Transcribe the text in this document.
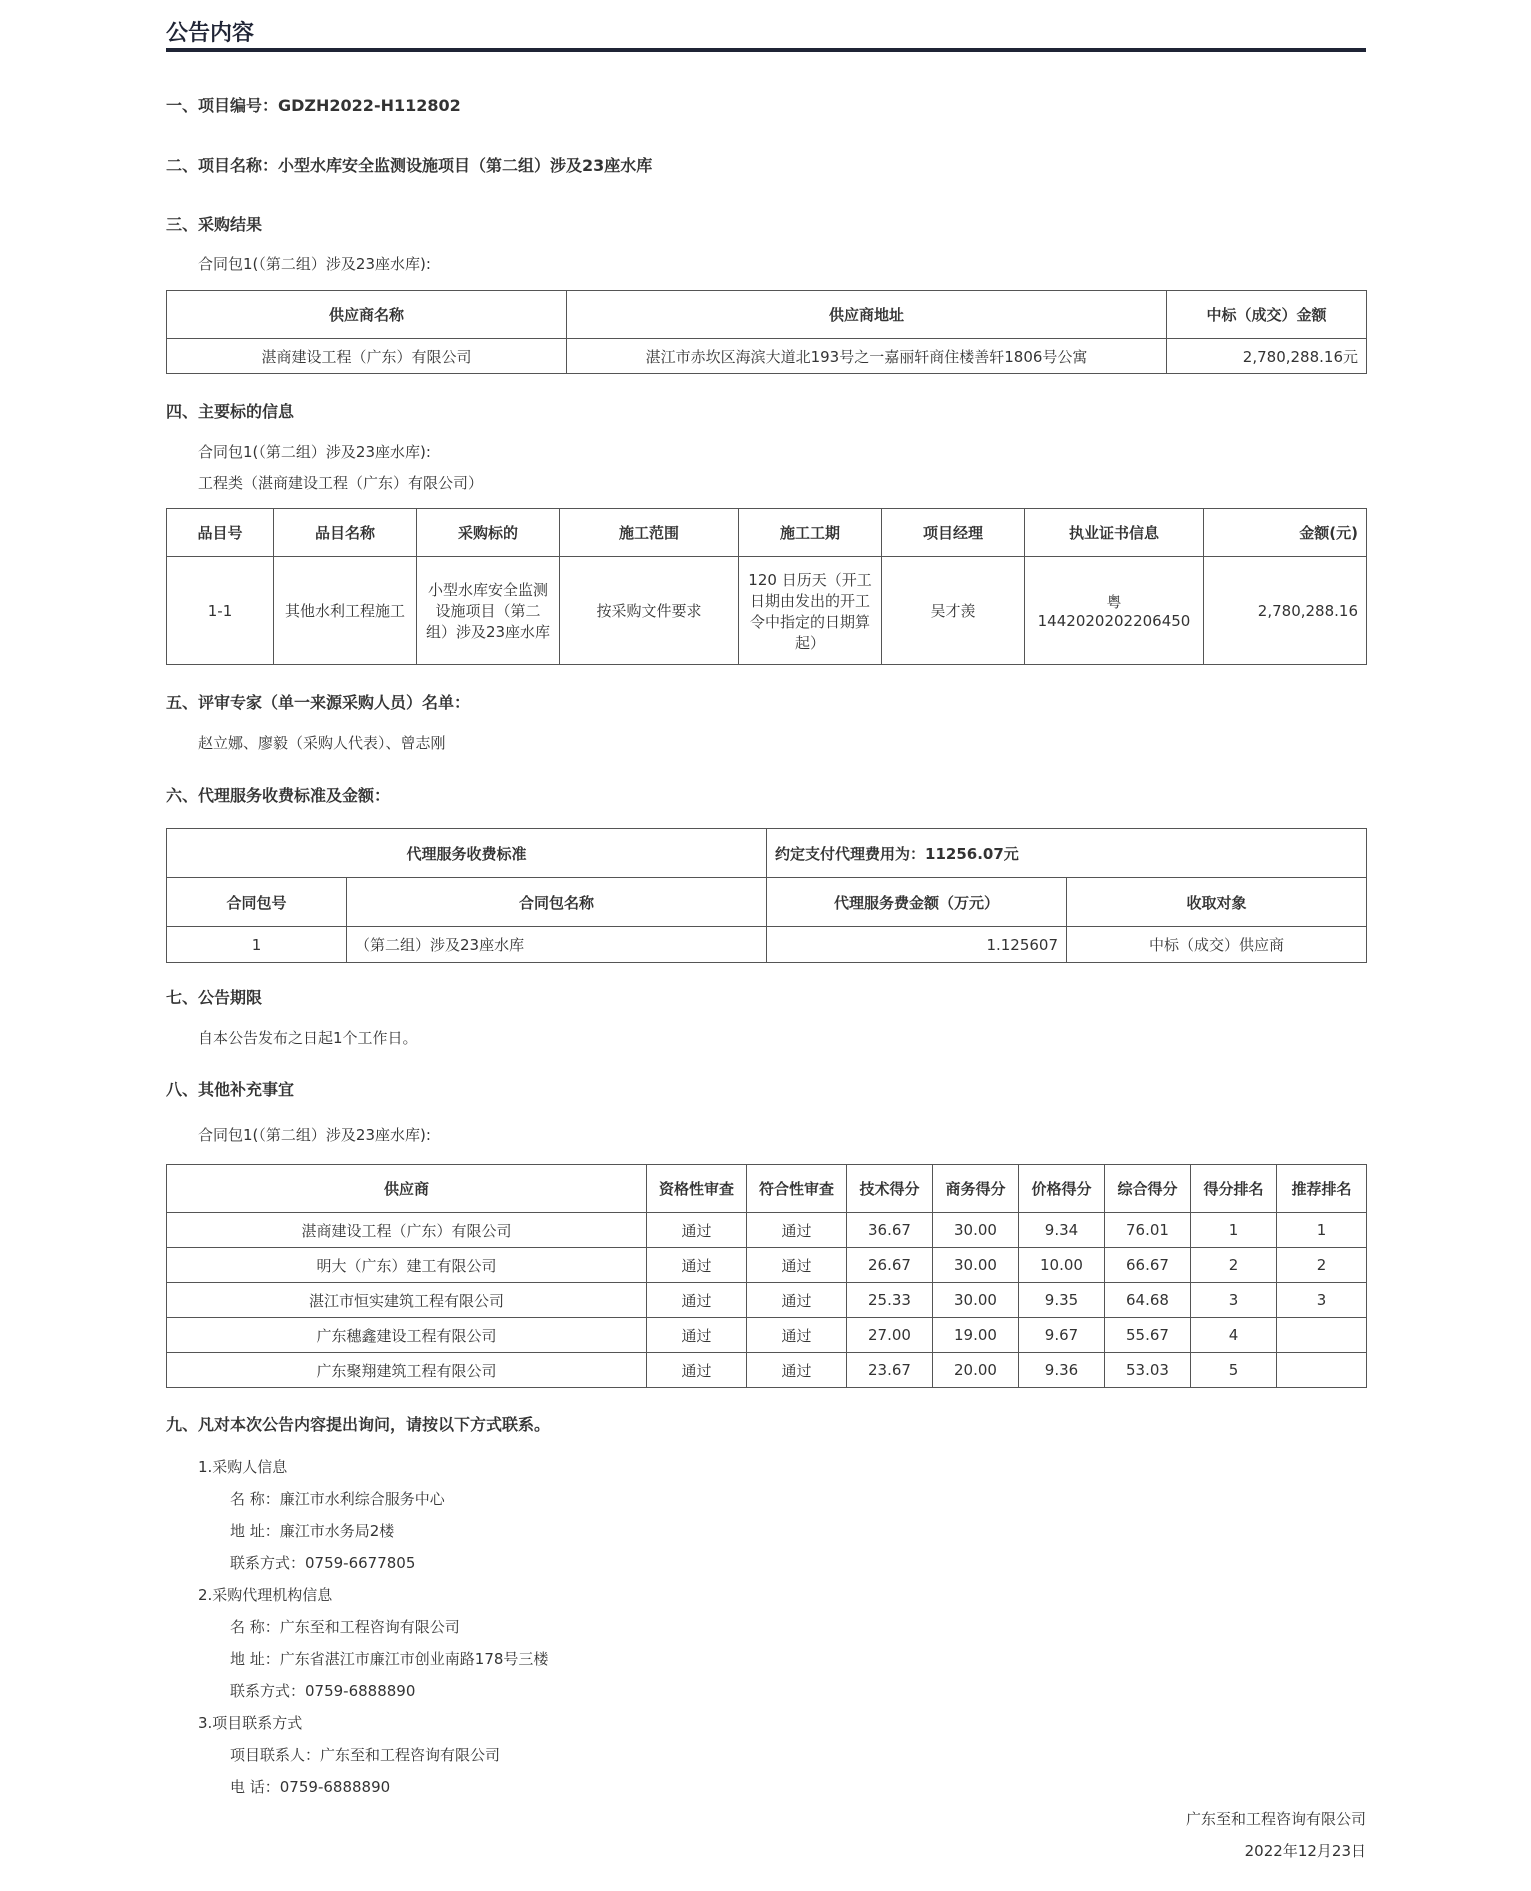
公告内容
一、项目编号：GDZH2022-H112802
二、项目名称：小型水库安全监测设施项目（第二组）涉及23座水库
三、采购结果
合同包1(（第二组）涉及23座水库):
供应商名称	供应商地址	中标（成交）金额
湛商建设工程（广东）有限公司	湛江市赤坎区海滨大道北193号之一嘉丽轩商住楼善轩1806号公寓	2,780,288.16元
四、主要标的信息
合同包1(（第二组）涉及23座水库):
工程类（湛商建设工程（广东）有限公司）
品目号	品目名称	采购标的	施工范围	施工工期	项目经理	执业证书信息	金额(元)
1-1	其他水利工程施工	小型水库安全监测设施项目（第二组）涉及23座水库	按采购文件要求	120 日历天（开工日期由发出的开工令中指定的日期算起）	吴才羡	粤1442020202206450	2,780,288.16
五、评审专家（单一来源采购人员）名单：
赵立娜、廖毅（采购人代表）、曾志刚
六、代理服务收费标准及金额：
代理服务收费标准		约定支付代理费用为：11256.07元	
合同包号	合同包名称	代理服务费金额（万元）	收取对象
1	（第二组）涉及23座水库	1.125607	中标（成交）供应商
七、公告期限
自本公告发布之日起1个工作日。
八、其他补充事宜
合同包1(（第二组）涉及23座水库):
供应商	资格性审查	符合性审查	技术得分	商务得分	价格得分	综合得分	得分排名	推荐排名
湛商建设工程（广东）有限公司	通过	通过	36.67	30.00	9.34	76.01	1	1
明大（广东）建工有限公司	通过	通过	26.67	30.00	10.00	66.67	2	2
湛江市恒实建筑工程有限公司	通过	通过	25.33	30.00	9.35	64.68	3	3
广东穗鑫建设工程有限公司	通过	通过	27.00	19.00	9.67	55.67	4	
广东聚翔建筑工程有限公司	通过	通过	23.67	20.00	9.36	53.03	5	
九、凡对本次公告内容提出询问，请按以下方式联系。
1.采购人信息
名 称：廉江市水利综合服务中心
地 址：廉江市水务局2楼
联系方式：0759-6677805
2.采购代理机构信息
名 称：广东至和工程咨询有限公司
地 址：广东省湛江市廉江市创业南路178号三楼
联系方式：0759-6888890
3.项目联系方式
项目联系人：广东至和工程咨询有限公司
电 话：0759-6888890
广东至和工程咨询有限公司
2022年12月23日
